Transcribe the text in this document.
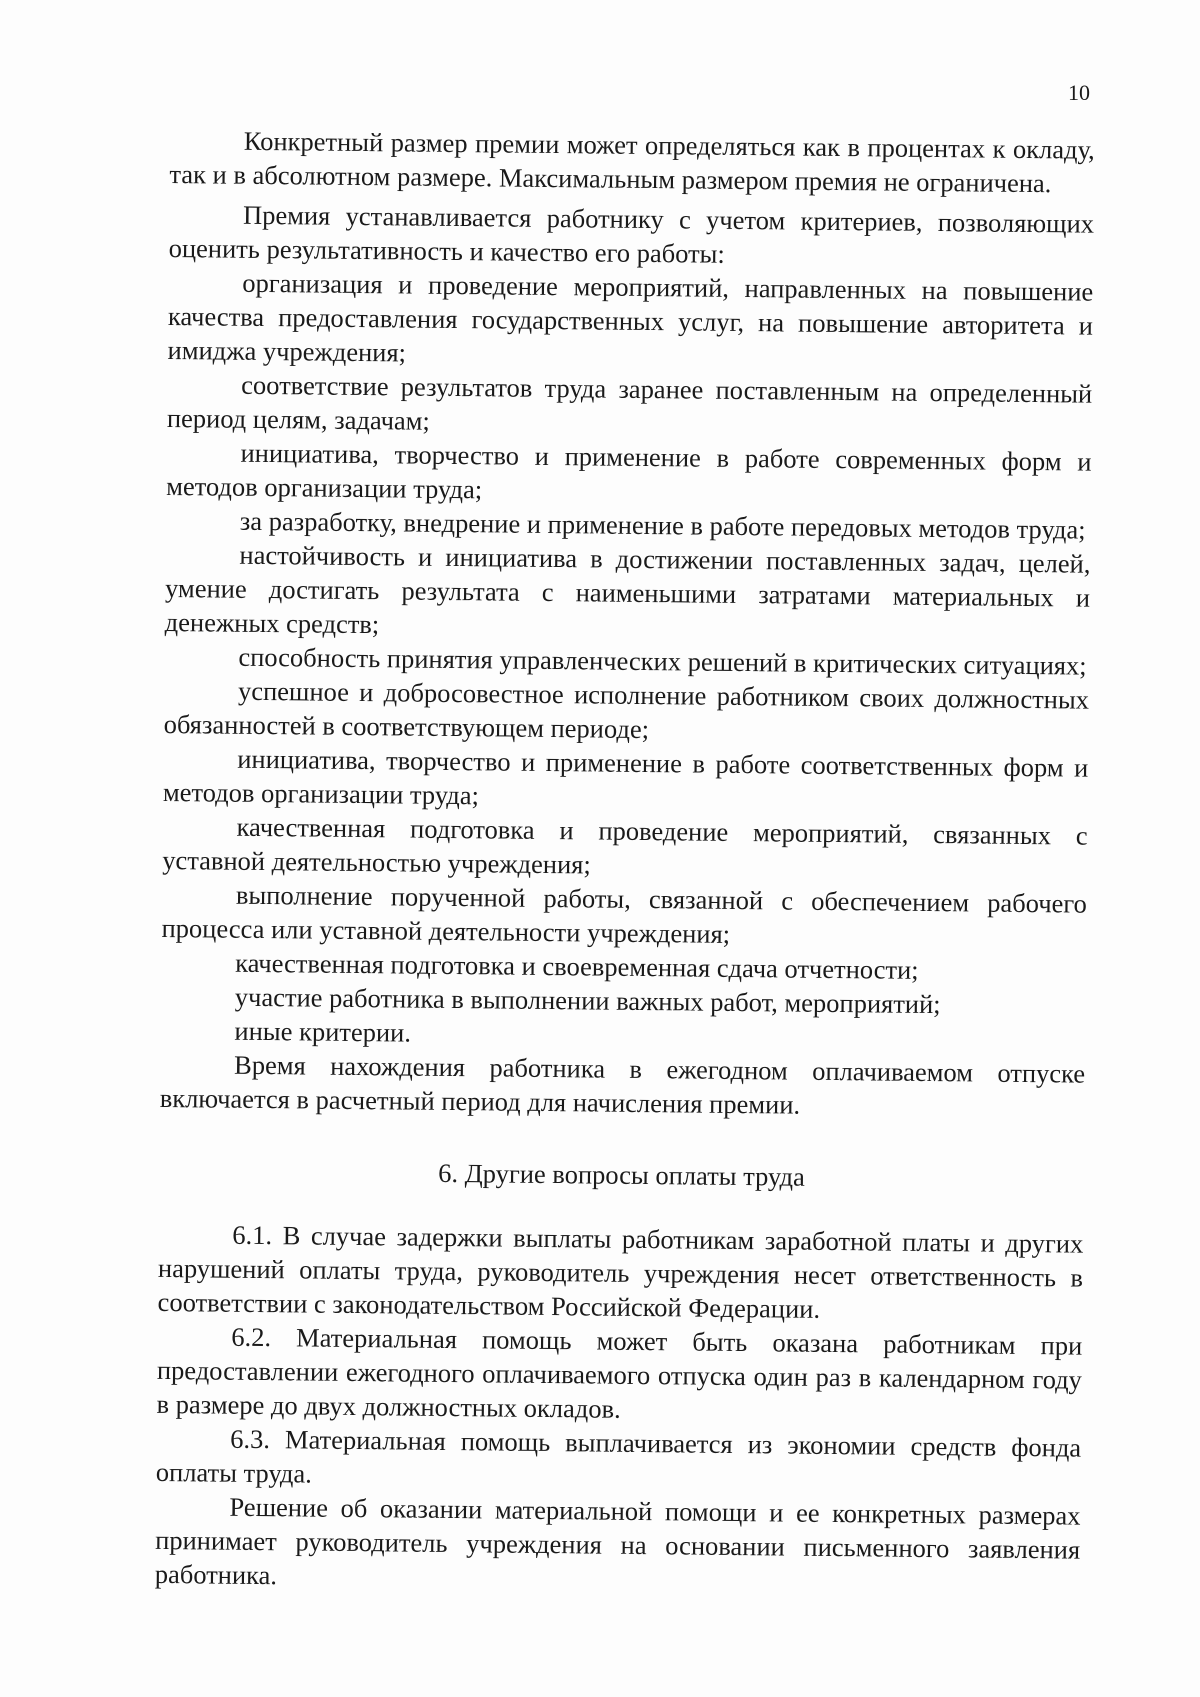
10

Конкретный размер премии может определяться как в процентах к окладу, так и в абсолютном размере. Максимальным размером премия не ограничена.

Премия устанавливается работнику с учетом критериев, позволяющих оценить результативность и качество его работы:

организация и проведение мероприятий, направленных на повышение качества предоставления государственных услуг, на повышение авторитета и имиджа учреждения;

соответствие результатов труда заранее поставленным на определенный период целям, задачам;

инициатива, творчество и применение в работе современных форм и методов организации труда;

за разработку, внедрение и применение в работе передовых методов труда;

настойчивость и инициатива в достижении поставленных задач, целей, умение достигать результата с наименьшими затратами материальных и денежных средств;

способность принятия управленческих решений в критических ситуациях;

успешное и добросовестное исполнение работником своих должностных обязанностей в соответствующем периоде;

инициатива, творчество и применение в работе соответственных форм и методов организации труда;

качественная подготовка и проведение мероприятий, связанных с уставной деятельностью учреждения;

выполнение порученной работы, связанной с обеспечением рабочего процесса или уставной деятельности учреждения;

качественная подготовка и своевременная сдача отчетности;

участие работника в выполнении важных работ, мероприятий;

иные критерии.

Время нахождения работника в ежегодном оплачиваемом отпуске включается в расчетный период для начисления премии.

6. Другие вопросы оплаты труда

6.1. В случае задержки выплаты работникам заработной платы и других нарушений оплаты труда, руководитель учреждения несет ответственность в соответствии с законодательством Российской Федерации.

6.2. Материальная помощь может быть оказана работникам при предоставлении ежегодного оплачиваемого отпуска один раз в календарном году в размере до двух должностных окладов.

6.3. Материальная помощь выплачивается из экономии средств фонда оплаты труда.

Решение об оказании материальной помощи и ее конкретных размерах принимает руководитель учреждения на основании письменного заявления работника.
